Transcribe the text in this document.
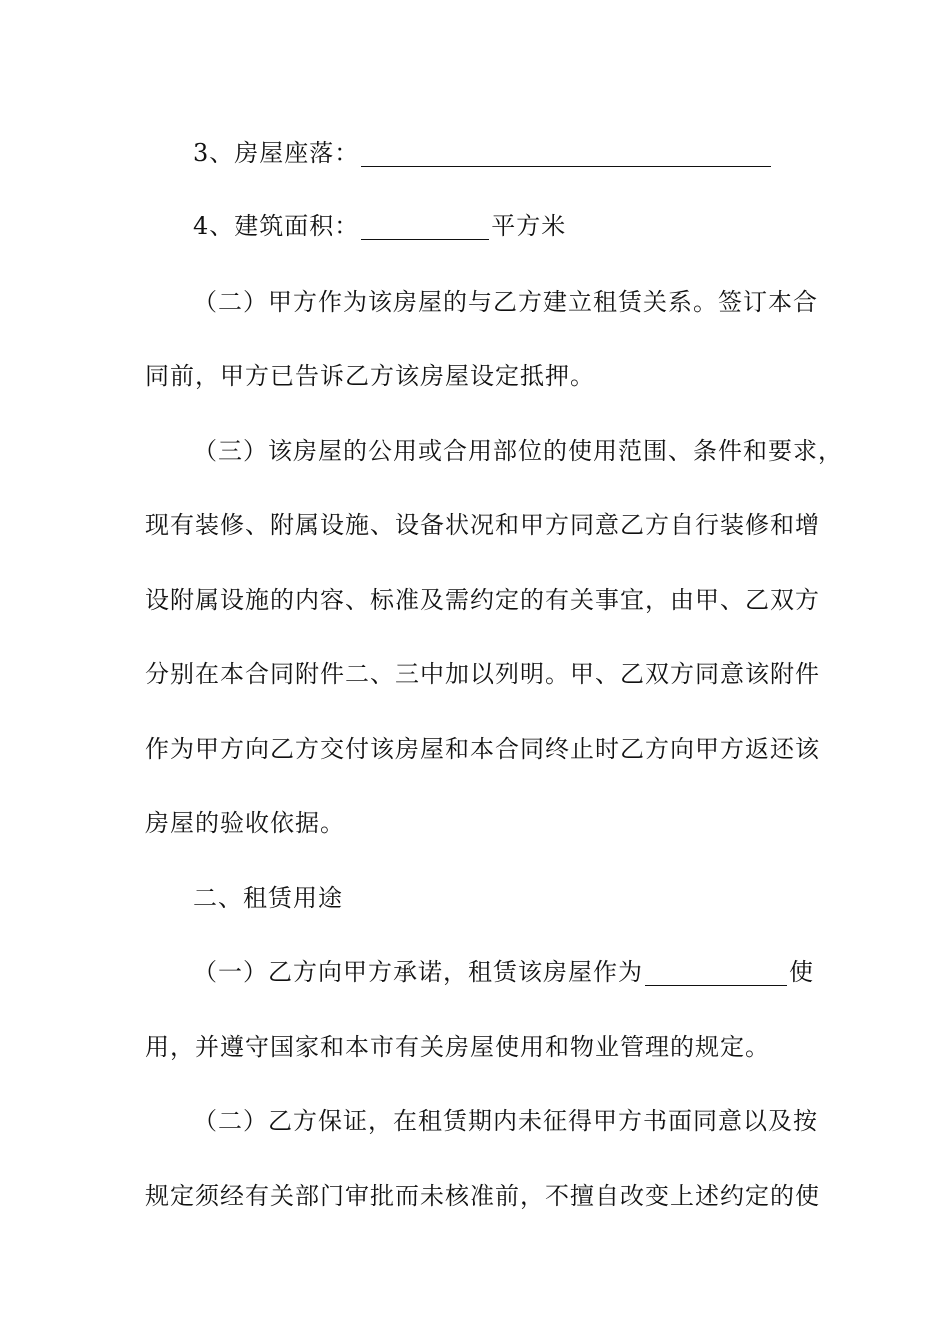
3、房屋座落：
4、建筑面积：	平方米
（二）甲方作为该房屋的与乙方建立租赁关系。签订本合
同前，甲方已告诉乙方该房屋设定抵押。
（三）该房屋的公用或合用部位的使用范围、条件和要求，
现有装修、附属设施、设备状况和甲方同意乙方自行装修和增
设附属设施的内容、标准及需约定的有关事宜，由甲、乙双方
分别在本合同附件二、三中加以列明。甲、乙双方同意该附件
作为甲方向乙方交付该房屋和本合同终止时乙方向甲方返还该
房屋的验收依据。
二、租赁用途
（一）乙方向甲方承诺，租赁该房屋作为	使
用，并遵守国家和本市有关房屋使用和物业管理的规定。
（二）乙方保证，在租赁期内未征得甲方书面同意以及按
规定须经有关部门审批而未核准前，不擅自改变上述约定的使
